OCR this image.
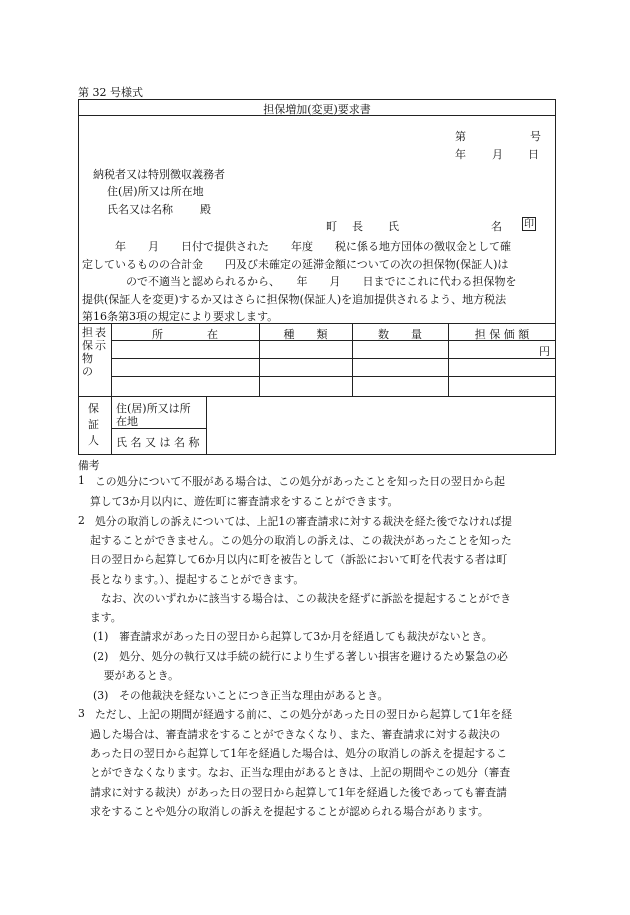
第 32 号様式
担保増加(変更)要求書
第	号
年 月 日
納税者又は特別徴収義務者
住(居)所又は所在地
氏名又は名称 殿
町 長 氏	名 印
　　　年　　月　　日付で提供された　　年度　　税に係る地方団体の徴収金として確
定しているものの合計金　　円及び未確定の延滞金額についての次の担保物(保証人)は
　　　　ので不適当と認められるから、　　年　　月　　日までにこれに代わる担保物を
提供(保証人を変更)するか又はさらに担保物(保証人)を追加提供されるよう、地方税法
第16条第3項の規定により要求します。
担保物の
表示
所　　　　在	種　　類	数　　量	担 保 価 額
円
保証人
住(居)所又は所
在地
氏 名 又 は 名 称
備考
1 この処分について不服がある場合は、この処分があったことを知った日の翌日から起
算して3か月以内に、遊佐町に審査請求をすることができます。
2 処分の取消しの訴えについては、上記1の審査請求に対する裁決を経た後でなければ提
起することができません。この処分の取消しの訴えは、この裁決があったことを知った
日の翌日から起算して6か月以内に町を被告として（訴訟において町を代表する者は町
長となります。）、提起することができます。
　なお、次のいずれかに該当する場合は、この裁決を経ずに訴訟を提起することができ
ます。
(1)　審査請求があった日の翌日から起算して3か月を経過しても裁決がないとき。
(2)　処分、処分の執行又は手続の続行により生ずる著しい損害を避けるため緊急の必
　要があるとき。
(3)　その他裁決を経ないことにつき正当な理由があるとき。
3 ただし、上記の期間が経過する前に、この処分があった日の翌日から起算して1年を経
過した場合は、審査請求をすることができなくなり、また、審査請求に対する裁決の
あった日の翌日から起算して1年を経過した場合は、処分の取消しの訴えを提起するこ
とができなくなります。なお、正当な理由があるときは、上記の期間やこの処分（審査
請求に対する裁決）があった日の翌日から起算して1年を経過した後であっても審査請
求をすることや処分の取消しの訴えを提起することが認められる場合があります。
